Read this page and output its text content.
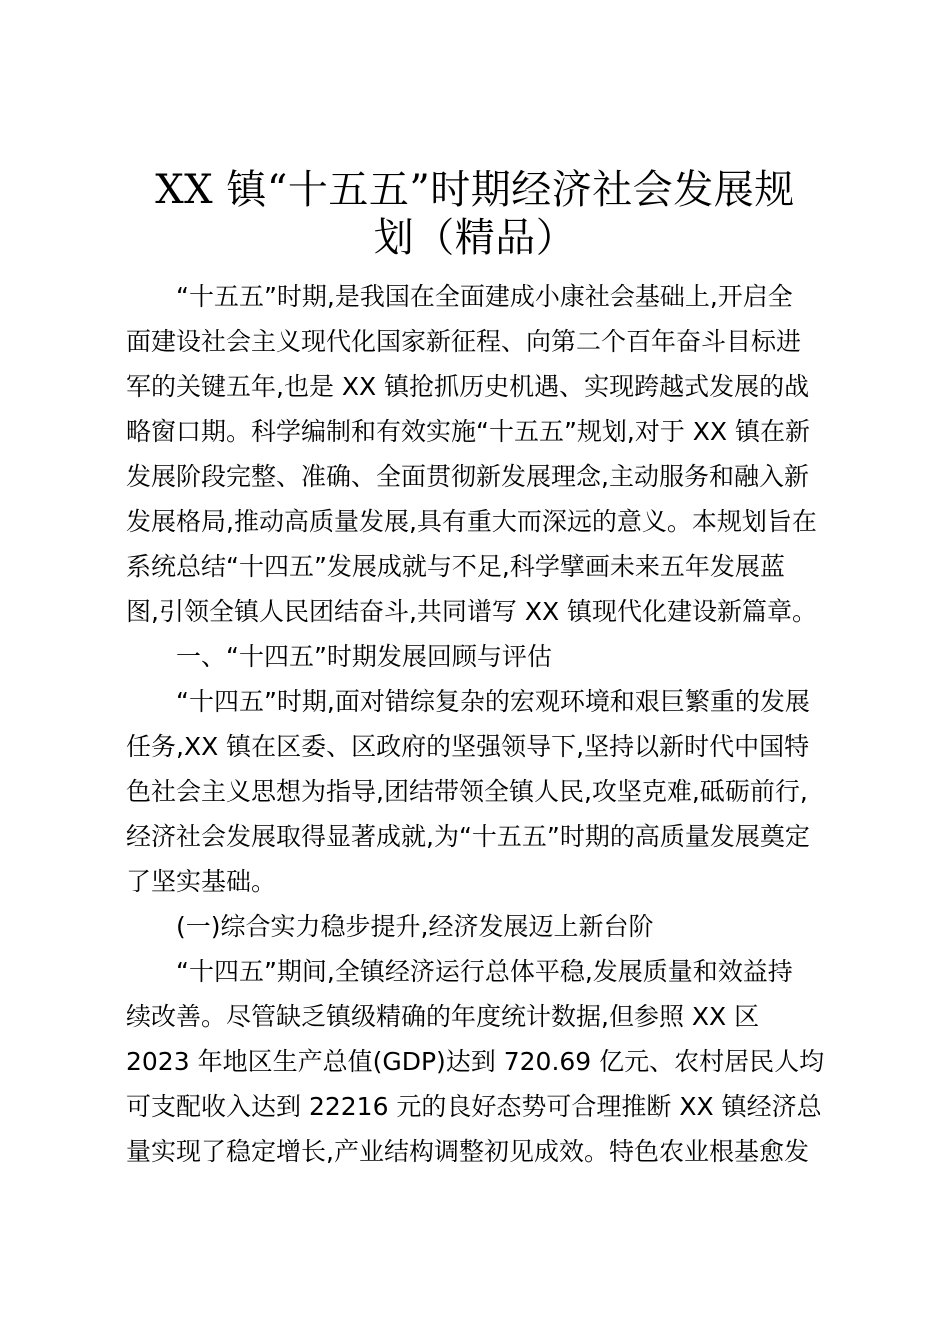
XX 镇“十五五”时期经济社会发展规
划（精品）
“十五五”时期,是我国在全面建成小康社会基础上,开启全
面建设社会主义现代化国家新征程、向第二个百年奋斗目标进
军的关键五年,也是 XX 镇抢抓历史机遇、实现跨越式发展的战
略窗口期。科学编制和有效实施“十五五”规划,对于 XX 镇在新
发展阶段完整、准确、全面贯彻新发展理念,主动服务和融入新
发展格局,推动高质量发展,具有重大而深远的意义。本规划旨在
系统总结“十四五”发展成就与不足,科学擘画未来五年发展蓝
图,引领全镇人民团结奋斗,共同谱写 XX 镇现代化建设新篇章。
一、“十四五”时期发展回顾与评估
“十四五”时期,面对错综复杂的宏观环境和艰巨繁重的发展
任务,XX 镇在区委、区政府的坚强领导下,坚持以新时代中国特
色社会主义思想为指导,团结带领全镇人民,攻坚克难,砥砺前行,
经济社会发展取得显著成就,为“十五五”时期的高质量发展奠定
了坚实基础。
(一)综合实力稳步提升,经济发展迈上新台阶
“十四五”期间,全镇经济运行总体平稳,发展质量和效益持
续改善。尽管缺乏镇级精确的年度统计数据,但参照 XX 区
2023 年地区生产总值(GDP)达到 720.69 亿元、农村居民人均
可支配收入达到 22216 元的良好态势可合理推断 XX 镇经济总
量实现了稳定增长,产业结构调整初见成效。特色农业根基愈发
